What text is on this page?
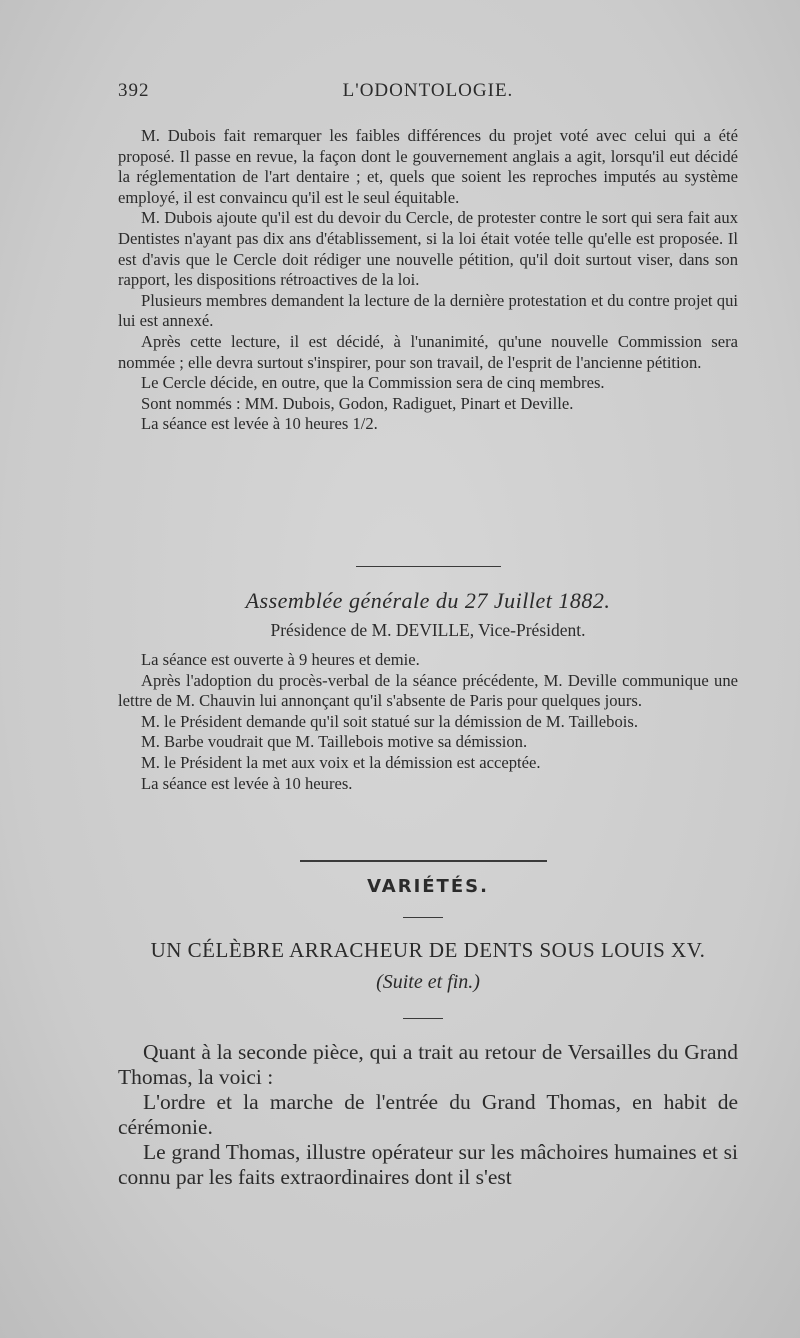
392	L'ODONTOLOGIE.

M. Dubois fait remarquer les faibles différences du projet voté avec celui qui a été proposé. Il passe en revue, la façon dont le gouvernement anglais a agit, lorsqu'il eut décidé la réglementation de l'art dentaire ; et, quels que soient les reproches imputés au système employé, il est convaincu qu'il est le seul équitable.

M. Dubois ajoute qu'il est du devoir du Cercle, de protester contre le sort qui sera fait aux Dentistes n'ayant pas dix ans d'établissement, si la loi était votée telle qu'elle est proposée. Il est d'avis que le Cercle doit rédiger une nouvelle pétition, qu'il doit surtout viser, dans son rapport, les dispositions rétroactives de la loi.

Plusieurs membres demandent la lecture de la dernière protestation et du contre projet qui lui est annexé.

Après cette lecture, il est décidé, à l'unanimité, qu'une nouvelle Commission sera nommée ; elle devra surtout s'inspirer, pour son travail, de l'esprit de l'ancienne pétition.

Le Cercle décide, en outre, que la Commission sera de cinq membres.

Sont nommés : MM. Dubois, Godon, Radiguet, Pinart et Deville.

La séance est levée à 10 heures 1/2.

Assemblée générale du 27 Juillet 1882.
Présidence de M. DEVILLE, Vice-Président.

La séance est ouverte à 9 heures et demie.

Après l'adoption du procès-verbal de la séance précédente, M. Deville communique une lettre de M. Chauvin lui annonçant qu'il s'absente de Paris pour quelques jours.

M. le Président demande qu'il soit statué sur la démission de M. Taillebois.

M. Barbe voudrait que M. Taillebois motive sa démission.

M. le Président la met aux voix et la démission est acceptée.

La séance est levée à 10 heures.

VARIÉTÉS.
UN CÉLÈBRE ARRACHEUR DE DENTS SOUS LOUIS XV.
(Suite et fin.)

Quant à la seconde pièce, qui a trait au retour de Versailles du Grand Thomas, la voici :

L'ordre et la marche de l'entrée du Grand Thomas, en habit de cérémonie.

Le grand Thomas, illustre opérateur sur les mâchoires humaines et si connu par les faits extraordinaires dont il s'est
